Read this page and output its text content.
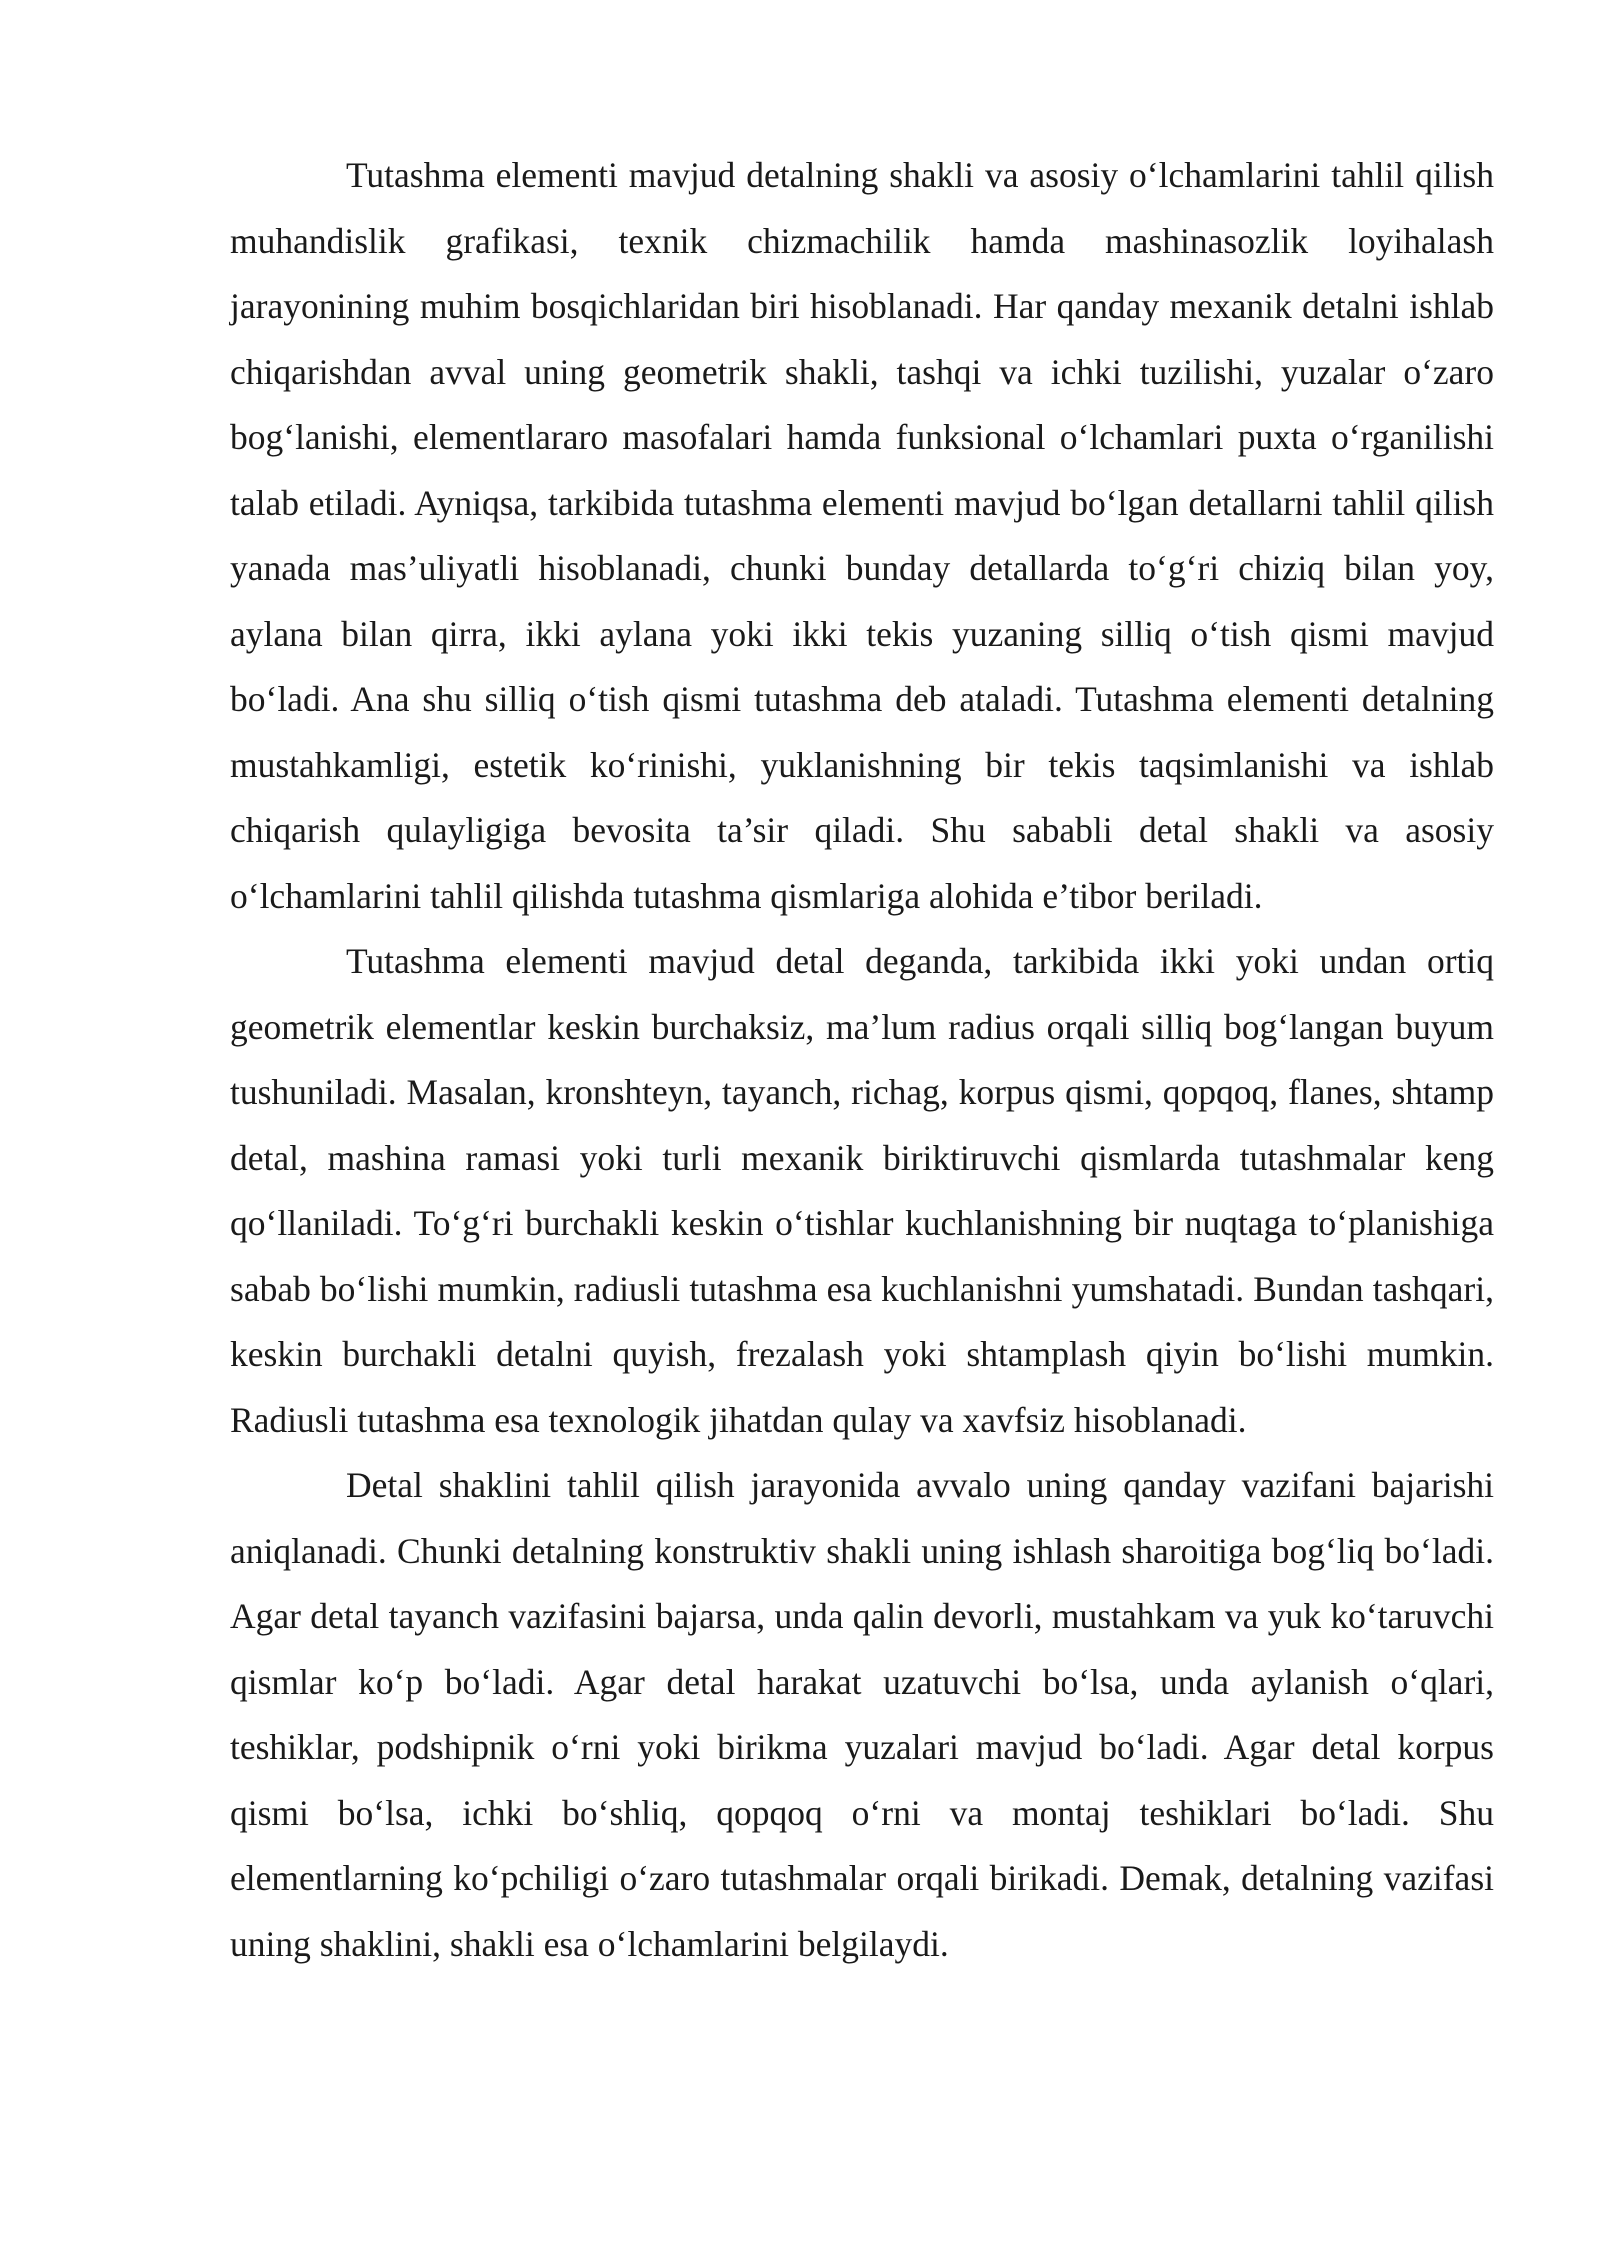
Tutashma elementi mavjud detalning shakli va asosiy o‘lchamlarini tahlil qilish muhandislik grafikasi, texnik chizmachilik hamda mashinasozlik loyihalash jarayonining muhim bosqichlaridan biri hisoblanadi. Har qanday mexanik detalni ishlab chiqarishdan avval uning geometrik shakli, tashqi va ichki tuzilishi, yuzalar o‘zaro bog‘lanishi, elementlararo masofalari hamda funksional o‘lchamlari puxta o‘rganilishi talab etiladi. Ayniqsa, tarkibida tutashma elementi mavjud bo‘lgan detallarni tahlil qilish yanada mas’uliyatli hisoblanadi, chunki bunday detallarda to‘g‘ri chiziq bilan yoy, aylana bilan qirra, ikki aylana yoki ikki tekis yuzaning silliq o‘tish qismi mavjud bo‘ladi. Ana shu silliq o‘tish qismi tutashma deb ataladi. Tutashma elementi detalning mustahkamligi, estetik ko‘rinishi, yuklanishning bir tekis taqsimlanishi va ishlab chiqarish qulayligiga bevosita ta’sir qiladi. Shu sababli detal shakli va asosiy o‘lchamlarini tahlil qilishda tutashma qismlariga alohida e’tibor beriladi.

Tutashma elementi mavjud detal deganda, tarkibida ikki yoki undan ortiq geometrik elementlar keskin burchaksiz, ma’lum radius orqali silliq bog‘langan buyum tushuniladi. Masalan, kronshteyn, tayanch, richag, korpus qismi, qopqoq, flanes, shtamp detal, mashina ramasi yoki turli mexanik biriktiruvchi qismlarda tutashmalar keng qo‘llaniladi. To‘g‘ri burchakli keskin o‘tishlar kuchlanishning bir nuqtaga to‘planishiga sabab bo‘lishi mumkin, radiusli tutashma esa kuchlanishni yumshatadi. Bundan tashqari, keskin burchakli detalni quyish, frezalash yoki shtamplash qiyin bo‘lishi mumkin. Radiusli tutashma esa texnologik jihatdan qulay va xavfsiz hisoblanadi.

Detal shaklini tahlil qilish jarayonida avvalo uning qanday vazifani bajarishi aniqlanadi. Chunki detalning konstruktiv shakli uning ishlash sharoitiga bog‘liq bo‘ladi. Agar detal tayanch vazifasini bajarsa, unda qalin devorli, mustahkam va yuk ko‘taruvchi qismlar ko‘p bo‘ladi. Agar detal harakat uzatuvchi bo‘lsa, unda aylanish o‘qlari, teshiklar, podshipnik o‘rni yoki birikma yuzalari mavjud bo‘ladi. Agar detal korpus qismi bo‘lsa, ichki bo‘shliq, qopqoq o‘rni va montaj teshiklari bo‘ladi. Shu elementlarning ko‘pchiligi o‘zaro tutashmalar orqali birikadi. Demak, detalning vazifasi uning shaklini, shakli esa o‘lchamlarini belgilaydi.
